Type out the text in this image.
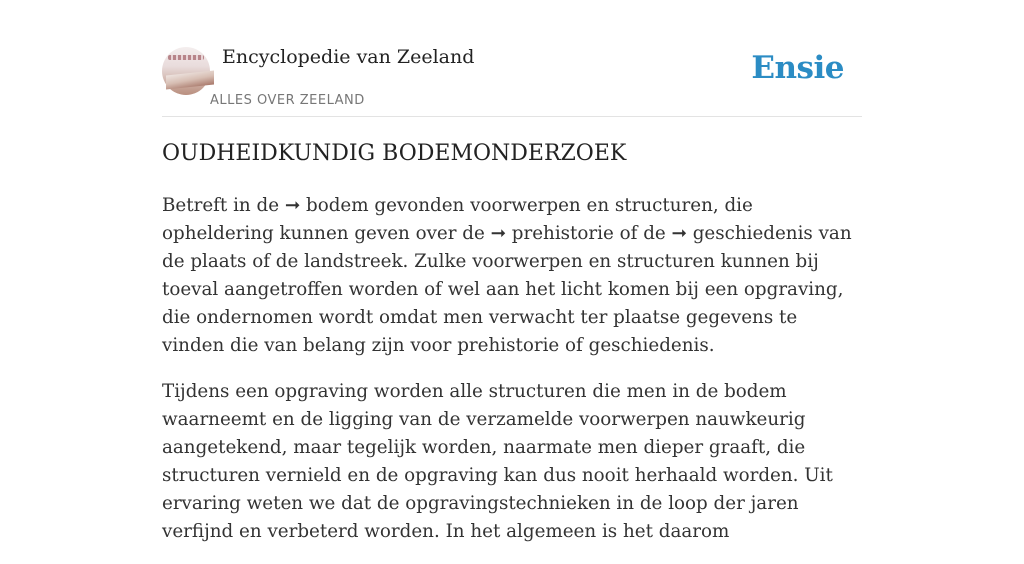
Encyclopedie van Zeeland
ALLES OVER ZEELAND
Ensie
OUDHEIDKUNDIG BODEMONDERZOEK

Betreft in de ➞ bodem gevonden voorwerpen en structuren, die opheldering kunnen geven over de ➞ prehistorie of de ➞ geschiedenis van de plaats of de landstreek. Zulke voorwerpen en structuren kunnen bij toeval aangetroffen worden of wel aan het licht komen bij een opgraving, die ondernomen wordt omdat men verwacht ter plaatse gegevens te vinden die van belang zijn voor prehistorie of geschiedenis.

Tijdens een opgraving worden alle structuren die men in de bodem waarneemt en de ligging van de verzamelde voorwerpen nauwkeurig aangetekend, maar tegelijk worden, naarmate men dieper graaft, die structuren vernield en de opgraving kan dus nooit herhaald worden. Uit ervaring weten we dat de opgravingstechnieken in de loop der jaren verfijnd en verbeterd worden. In het algemeen is het daarom
